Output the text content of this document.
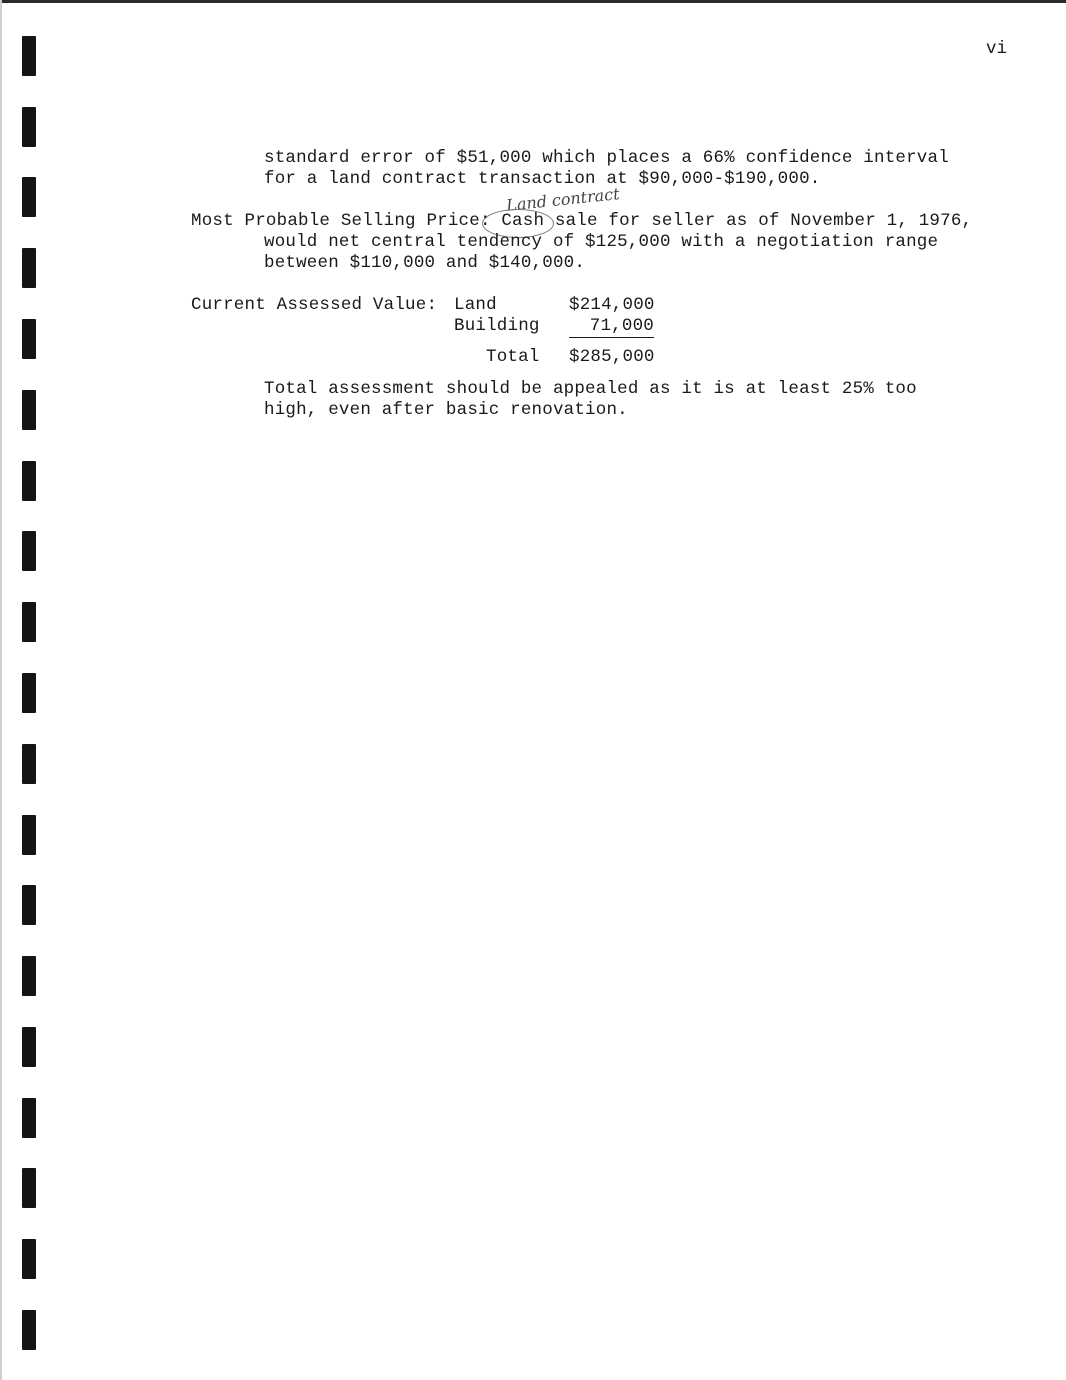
vi
standard error of $51,000 which places a 66% confidence interval
for a land contract transaction at $90,000-$190,000.
Land contract
Most Probable Selling Price: Cash sale for seller as of November 1, 1976,
would net central tendency of $125,000 with a negotiation range
between $110,000 and $140,000.
Current Assessed Value: Land	$214,000
Building	71,000
Total $285,000
Total assessment should be appealed as it is at least 25% too
high, even after basic renovation.
